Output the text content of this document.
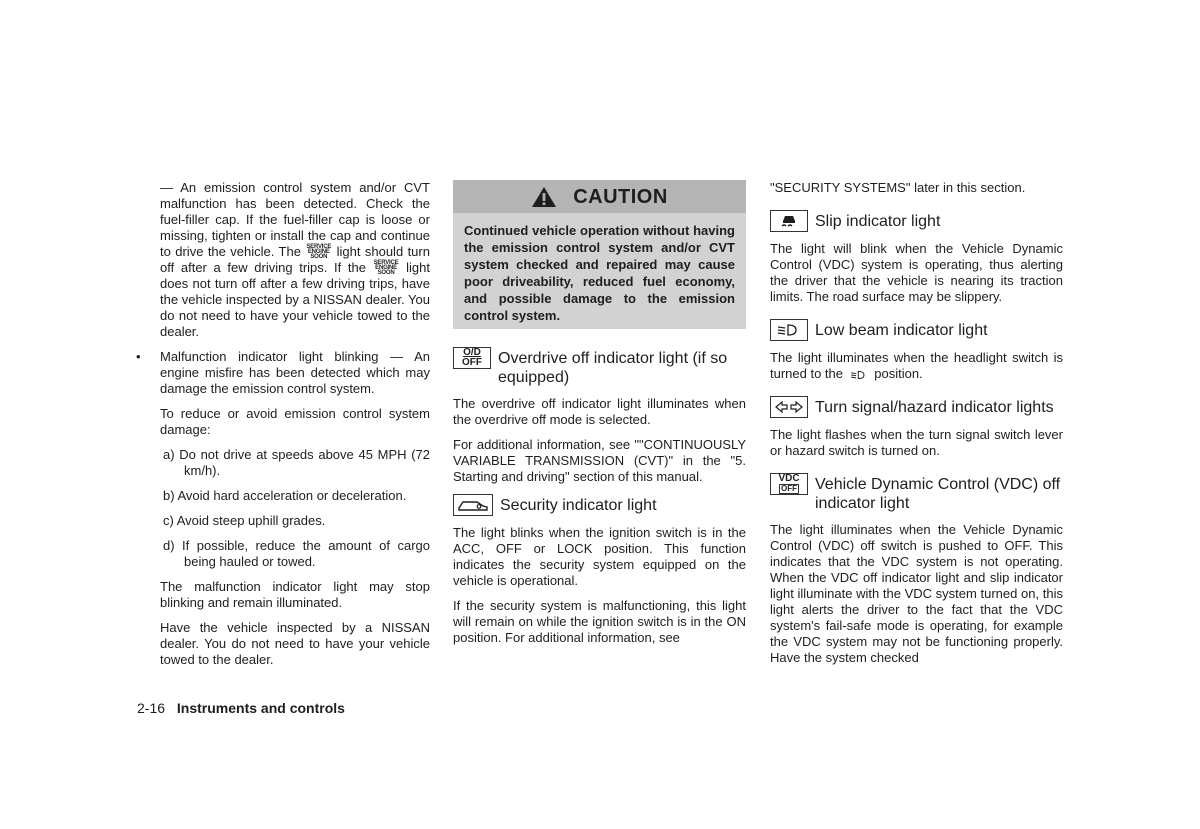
— An emission control system and/or CVT malfunction has been detected. Check the fuel-filler cap. If the fuel-filler cap is loose or missing, tighten or install the cap and continue to drive the vehicle. The SERVICE
ENGINE
SOON light should turn off after a few driving trips. If the SERVICE
ENGINE
SOON light does not turn off after a few driving trips, have the vehicle inspected by a NISSAN dealer. You do not need to have your vehicle towed to the dealer.

• Malfunction indicator light blinking — An engine misfire has been detected which may damage the emission control system.

To reduce or avoid emission control system damage:

a) Do not drive at speeds above 45 MPH (72 km/h).

b) Avoid hard acceleration or deceleration.

c) Avoid steep uphill grades.

d) If possible, reduce the amount of cargo being hauled or towed.

The malfunction indicator light may stop blinking and remain illuminated.

Have the vehicle inspected by a NISSAN dealer. You do not need to have your vehicle towed to the dealer.

CAUTION
Continued vehicle operation without having the emission control system and/or CVT system checked and repaired may cause poor driveability, reduced fuel economy, and possible damage to the emission control system.
O/D
OFF Overdrive off indicator light (if so equipped)

The overdrive off indicator light illuminates when the overdrive off mode is selected.

For additional information, see ""CONTINUOUSLY VARIABLE TRANSMISSION (CVT)" in the "5. Starting and driving" section of this manual.

Security indicator light

The light blinks when the ignition switch is in the ACC, OFF or LOCK position. This function indicates the security system equipped on the vehicle is operational.

If the security system is malfunctioning, this light will remain on while the ignition switch is in the ON position. For additional information, see

"SECURITY SYSTEMS" later in this section.

Slip indicator light

The light will blink when the Vehicle Dynamic Control (VDC) system is operating, thus alerting the driver that the vehicle is nearing its traction limits. The road surface may be slippery.

Low beam indicator light

The light illuminates when the headlight switch is turned to the position.

Turn signal/hazard indicator lights

The light flashes when the turn signal switch lever or hazard switch is turned on.

VDC
OFF Vehicle Dynamic Control (VDC) off indicator light

The light illuminates when the Vehicle Dynamic Control (VDC) off switch is pushed to OFF. This indicates that the VDC system is not operating. When the VDC off indicator light and slip indicator light illuminate with the VDC system turned on, this light alerts the driver to the fact that the VDC system's fail-safe mode is operating, for example the VDC system may not be functioning properly. Have the system checked

2-16 Instruments and controls
